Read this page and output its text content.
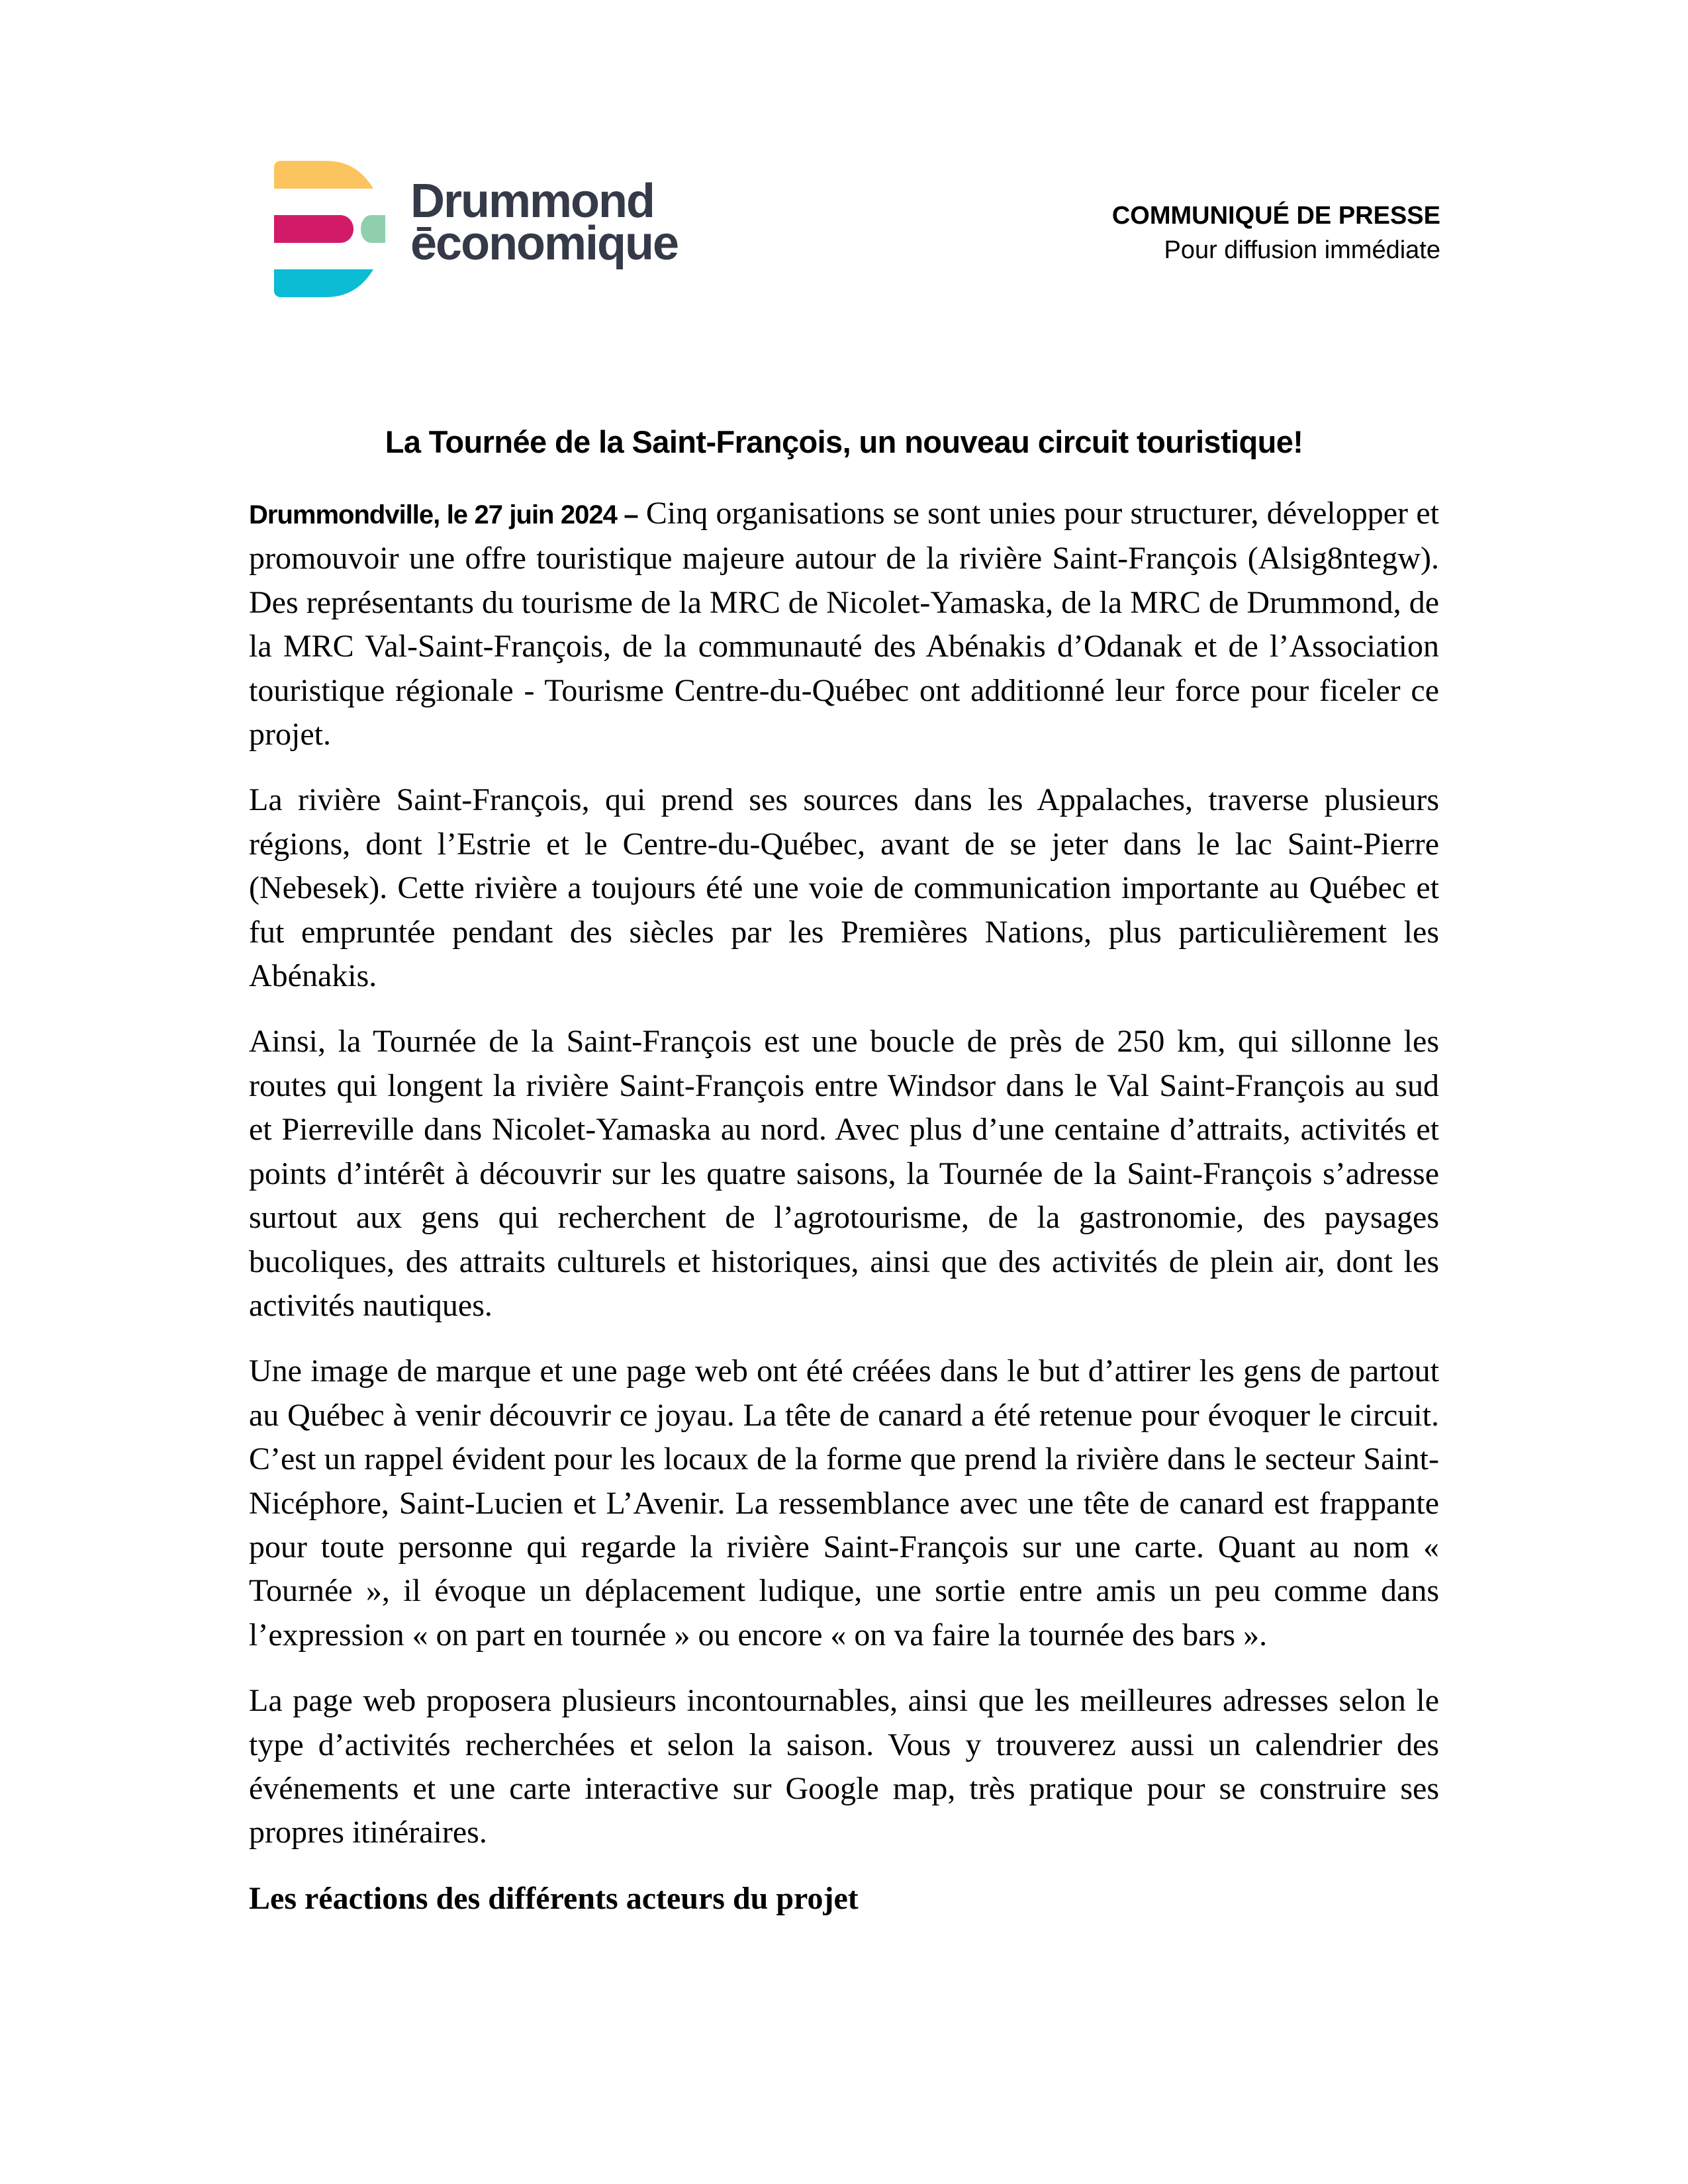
Drummond
ēconomique
COMMUNIQUÉ DE PRESSE
Pour diffusion immédiate
La Tournée de la Saint-François, un nouveau circuit touristique!

Drummondville, le 27 juin 2024 – Cinq organisations se sont unies pour structurer, développer et promouvoir une offre touristique majeure autour de la rivière Saint-François (Alsig8ntegw). Des représentants du tourisme de la MRC de Nicolet-Yamaska, de la MRC de Drummond, de la MRC Val-Saint-François, de la communauté des Abénakis d’Odanak et de l’Association touristique régionale - Tourisme Centre-du-Québec ont additionné leur force pour ficeler ce projet.

La rivière Saint-François, qui prend ses sources dans les Appalaches, traverse plusieurs régions, dont l’Estrie et le Centre-du-Québec, avant de se jeter dans le lac Saint-Pierre (Nebesek). Cette rivière a toujours été une voie de communication importante au Québec et fut empruntée pendant des siècles par les Premières Nations, plus particulièrement les Abénakis.

Ainsi, la Tournée de la Saint-François est une boucle de près de 250 km, qui sillonne les routes qui longent la rivière Saint-François entre Windsor dans le Val Saint-François au sud et Pierreville dans Nicolet-Yamaska au nord. Avec plus d’une centaine d’attraits, activités et points d’intérêt à découvrir sur les quatre saisons, la Tournée de la Saint-François s’adresse surtout aux gens qui recherchent de l’agrotourisme, de la gastronomie, des paysages bucoliques, des attraits culturels et historiques, ainsi que des activités de plein air, dont les activités nautiques.

Une image de marque et une page web ont été créées dans le but d’attirer les gens de partout au Québec à venir découvrir ce joyau. La tête de canard a été retenue pour évoquer le circuit. C’est un rappel évident pour les locaux de la forme que prend la rivière dans le secteur Saint-Nicéphore, Saint-Lucien et L’Avenir. La ressemblance avec une tête de canard est frappante pour toute personne qui regarde la rivière Saint-François sur une carte. Quant au nom « Tournée », il évoque un déplacement ludique, une sortie entre amis un peu comme dans l’expression « on part en tournée » ou encore « on va faire la tournée des bars ».

La page web proposera plusieurs incontournables, ainsi que les meilleures adresses selon le type d’activités recherchées et selon la saison. Vous y trouverez aussi un calendrier des événements et une carte interactive sur Google map, très pratique pour se construire ses propres itinéraires.

Les réactions des différents acteurs du projet
